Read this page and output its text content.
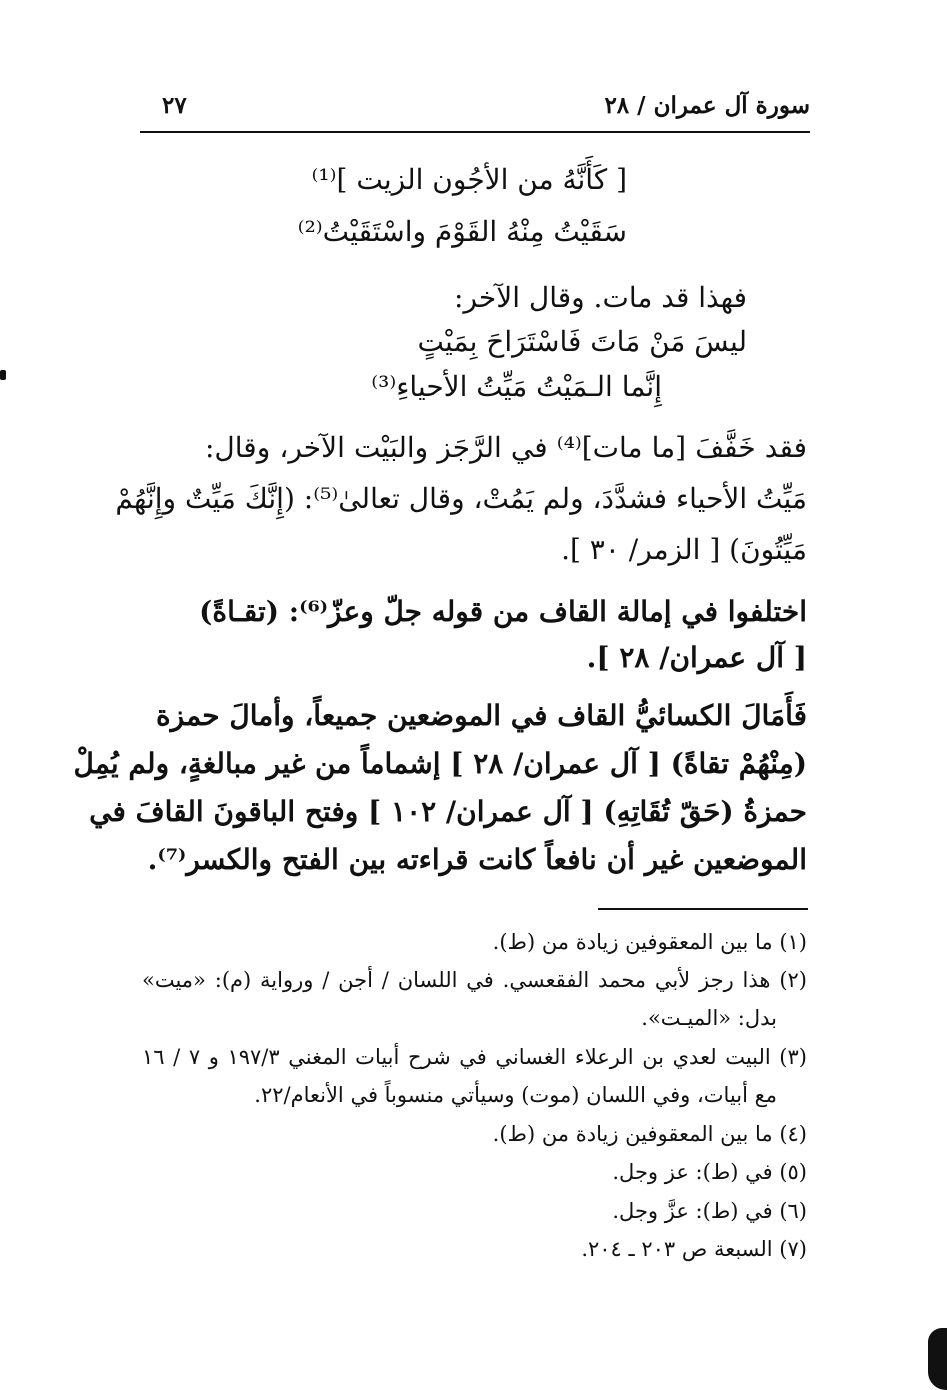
سورة آل عمران / ٢٨
٢٧
[ كَأَنَّهُ من الأجُون الزيت ]⁽¹⁾
سَقَيْتُ مِنْهُ القَوْمَ واسْتَقَيْتُ⁽²⁾
فهذا قد مات. وقال الآخر:
ليسَ مَنْ مَاتَ فَاسْتَرَاحَ بِمَيْتٍ
إِنَّما الـمَيْتُ مَيِّتُ الأحياءِ⁽³⁾
فقد خَفَّفَ [ما مات]⁽⁴⁾ في الرَّجَز والبَيْت الآخر، وقال:
مَيِّتُ الأحياء فشدَّدَ، ولم يَمُتْ، وقال تعالىٰ⁽⁵⁾: (إِنَّكَ مَيِّتٌ وإِنَّهُمْ
مَيِّتُونَ) [ الزمر/ ٣٠ ].
اختلفوا في إمالة القاف من قوله جلّ وعزّ⁽⁶⁾: (تقـاةً)
[ آل عمران/ ٢٨ ].
فَأَمَالَ الكسائيُّ القاف في الموضعين جميعاً، وأمالَ حمزة
(مِنْهُمْ تقاةً) [ آل عمران/ ٢٨ ] إشماماً من غير مبالغةٍ، ولم يُمِلْ
حمزةُ (حَقّ تُقَاتِهِ) [ آل عمران/ ١٠٢ ] وفتح الباقونَ القافَ في
الموضعين غير أن نافعاً كانت قراءته بين الفتح والكسر⁽⁷⁾.
(١) ما بين المعقوفين زيادة من (ط).
(٢) هذا رجز لأبي محمد الفقعسي. في اللسان / أجن / ورواية (م): «ميت»
بدل: «الميـت».
(٣) البيت لعدي بن الرعلاء الغساني في شرح أبيات المغني ١٩٧/٣ و ٧ / ١٦
مع أبيات، وفي اللسان (موت) وسيأتي منسوباً في الأنعام/٢٢.
(٤) ما بين المعقوفين زيادة من (ط).
(٥) في (ط): عز وجل.
(٦) في (ط): عزَّ وجل.
(٧) السبعة ص ٢٠٣ ـ ٢٠٤.
